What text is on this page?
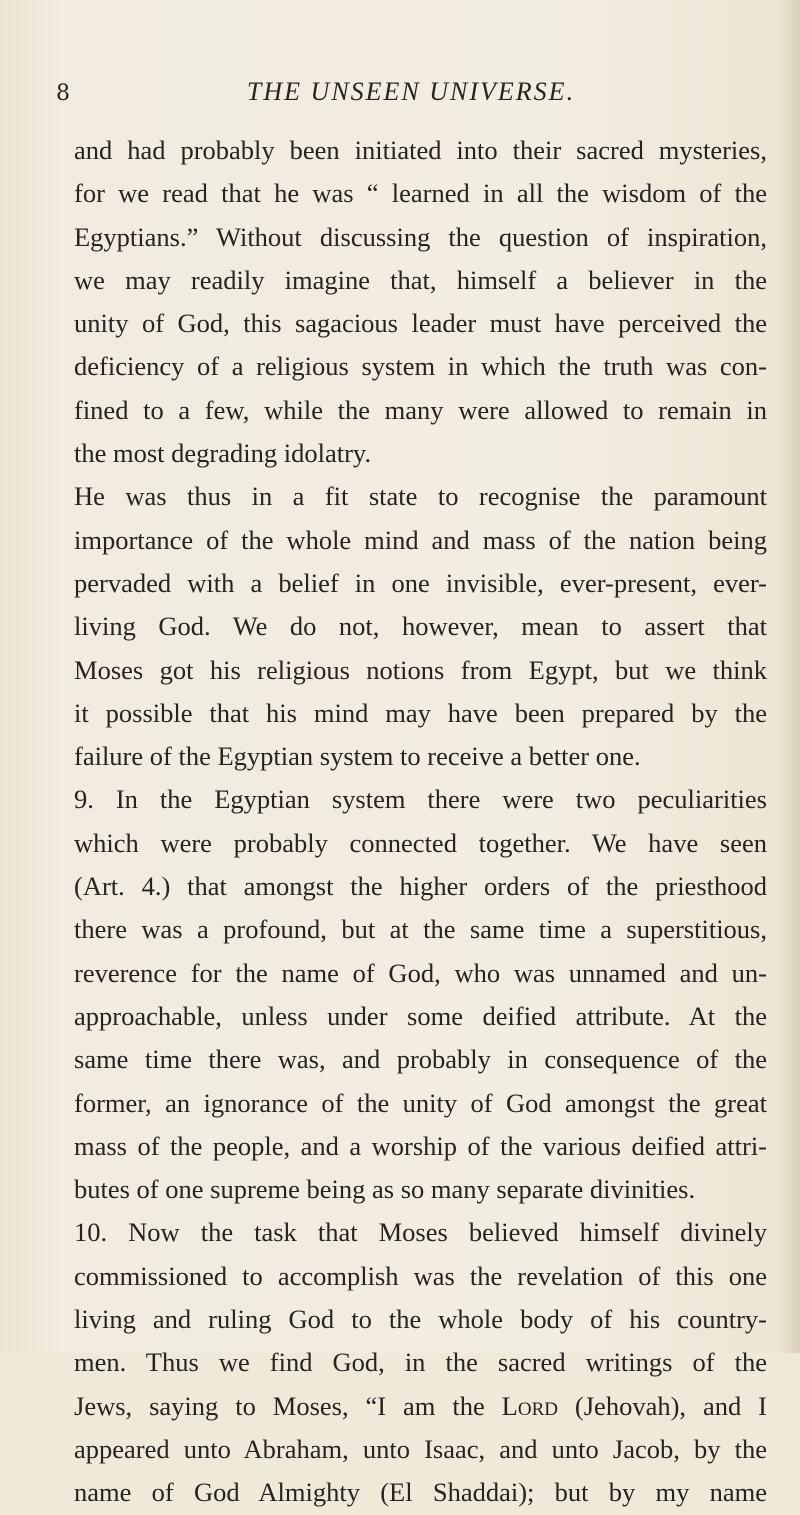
8	THE UNSEEN UNIVERSE.
and had probably been initiated into their sacred mysteries,
for we read that he was “ learned in all the wisdom of the
Egyptians.” Without discussing the question of inspiration,
we may readily imagine that, himself a believer in the
unity of God, this sagacious leader must have perceived the
deficiency of a religious system in which the truth was con-
fined to a few, while the many were allowed to remain in
the most degrading idolatry.
He was thus in a fit state to recognise the paramount
importance of the whole mind and mass of the nation being
pervaded with a belief in one invisible, ever-present, ever-
living God. We do not, however, mean to assert that
Moses got his religious notions from Egypt, but we think
it possible that his mind may have been prepared by the
failure of the Egyptian system to receive a better one.
9. In the Egyptian system there were two peculiarities
which were probably connected together. We have seen
(Art. 4.) that amongst the higher orders of the priesthood
there was a profound, but at the same time a superstitious,
reverence for the name of God, who was unnamed and un-
approachable, unless under some deified attribute. At the
same time there was, and probably in consequence of the
former, an ignorance of the unity of God amongst the great
mass of the people, and a worship of the various deified attri-
butes of one supreme being as so many separate divinities.
10. Now the task that Moses believed himself divinely
commissioned to accomplish was the revelation of this one
living and ruling God to the whole body of his country-
men. Thus we find God, in the sacred writings of the
Jews, saying to Moses, “I am the Lord (Jehovah), and I
appeared unto Abraham, unto Isaac, and unto Jacob, by the
name of God Almighty (El Shaddai); but by my name
